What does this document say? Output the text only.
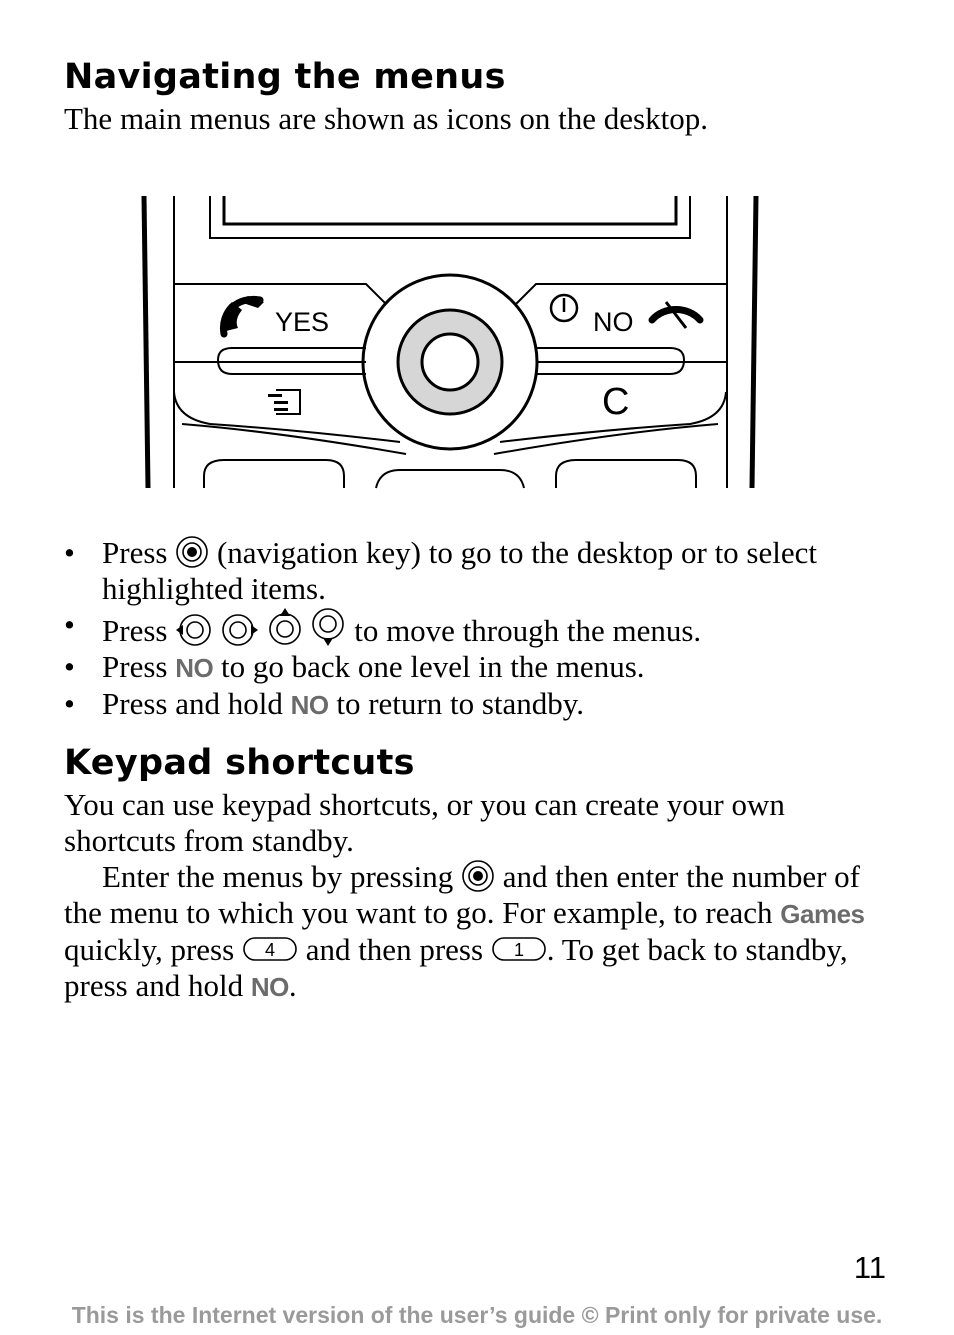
Navigating the menus
The main menus are shown as icons on the desktop.
YES	NO
C
• Press (navigation key) to go to the desktop or to select highlighted items.
• Press	to move through the menus.
• Press NO to go back one level in the menus.
• Press and hold NO to return to standby.
Keypad shortcuts

You can use keypad shortcuts, or you can create your own shortcuts from standby.

Enter the menus by pressing and then enter the number of the menu to which you want to go. For example, to reach Games quickly, press 4 and then press 1 . To get back to standby, press and hold NO.

11
This is the Internet version of the user’s guide © Print only for private use.
